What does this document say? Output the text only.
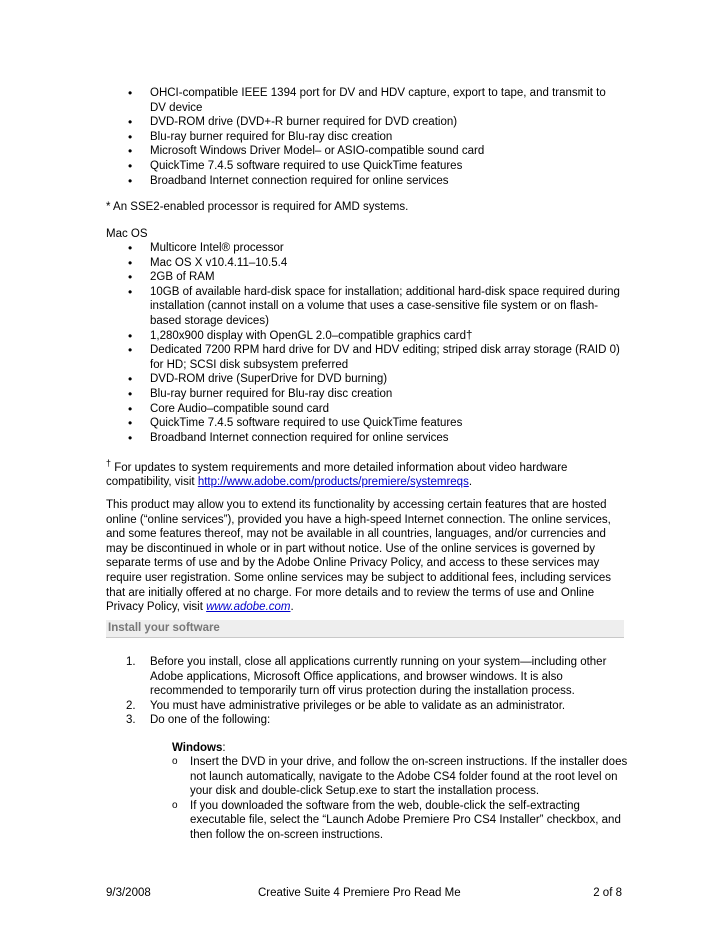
• OHCI-compatible IEEE 1394 port for DV and HDV capture, export to tape, and transmit to DV device
• DVD-ROM drive (DVD+-R burner required for DVD creation)
• Blu-ray burner required for Blu-ray disc creation
• Microsoft Windows Driver Model– or ASIO-compatible sound card
• QuickTime 7.4.5 software required to use QuickTime features
• Broadband Internet connection required for online services

* An SSE2-enabled processor is required for AMD systems.

Mac OS

• Multicore Intel® processor
• Mac OS X v10.4.11–10.5.4
• 2GB of RAM
• 10GB of available hard-disk space for installation; additional hard-disk space required during installation (cannot install on a volume that uses a case-sensitive file system or on flash-based storage devices)
• 1,280x900 display with OpenGL 2.0–compatible graphics card†
• Dedicated 7200 RPM hard drive for DV and HDV editing; striped disk array storage (RAID 0) for HD; SCSI disk subsystem preferred
• DVD-ROM drive (SuperDrive for DVD burning)
• Blu-ray burner required for Blu-ray disc creation
• Core Audio–compatible sound card
• QuickTime 7.4.5 software required to use QuickTime features
• Broadband Internet connection required for online services

† For updates to system requirements and more detailed information about video hardware compatibility, visit http://www.adobe.com/products/premiere/systemreqs.

This product may allow you to extend its functionality by accessing certain features that are hosted online (“online services”), provided you have a high-speed Internet connection. The online services, and some features thereof, may not be available in all countries, languages, and/or currencies and may be discontinued in whole or in part without notice. Use of the online services is governed by separate terms of use and by the Adobe Online Privacy Policy, and access to these services may require user registration. Some online services may be subject to additional fees, including services that are initially offered at no charge. For more details and to review the terms of use and Online Privacy Policy, visit www.adobe.com.

Install your software
1. Before you install, close all applications currently running on your system—including other Adobe applications, Microsoft Office applications, and browser windows. It is also recommended to temporarily turn off virus protection during the installation process.
2. You must have administrative privileges or be able to validate as an administrator.
3. Do one of the following:

Windows:

o Insert the DVD in your drive, and follow the on-screen instructions. If the installer does not launch automatically, navigate to the Adobe CS4 folder found at the root level on your disk and double-click Setup.exe to start the installation process.
o If you downloaded the software from the web, double-click the self-extracting executable file, select the “Launch Adobe Premiere Pro CS4 Installer” checkbox, and then follow the on-screen instructions.
9/3/2008	Creative Suite 4 Premiere Pro Read Me	2 of 8
